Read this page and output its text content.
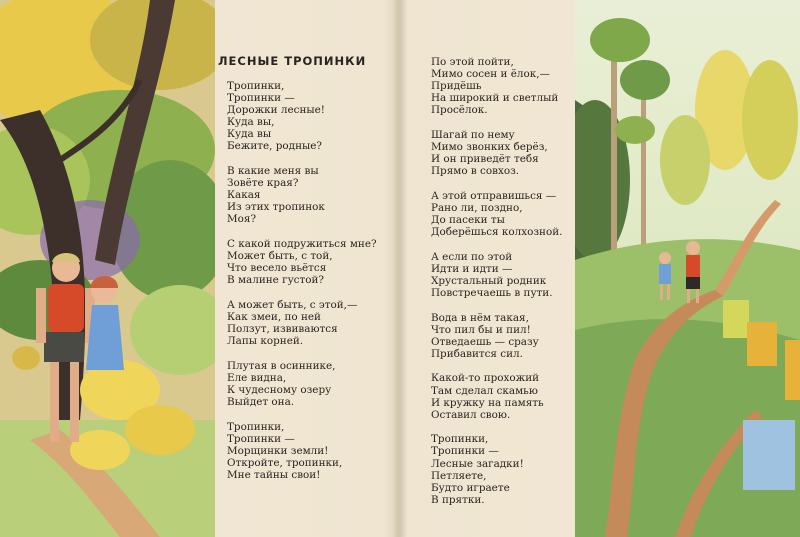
ЛЕСНЫЕ ТРОПИНКИ
Тропинки,
Тропинки —
Дорожки лесные!
Куда вы,
Куда вы
Бежите, родные?
В какие меня вы
Зовёте края?
Какая
Из этих тропинок
Моя?
С какой подружиться мне?
Может быть, с той,
Что весело вьётся
В малине густой?
А может быть, с этой,—
Как змеи, по ней
Ползут, извиваются
Лапы корней.
Плутая в осиннике,
Еле видна,
К чудесному озеру
Выйдет она.
Тропинки,
Тропинки —
Морщинки земли!
Откройте, тропинки,
Мне тайны свои!
По этой пойти,
Мимо сосен и ёлок,—
Придёшь
На широкий и светлый
Просёлок.
Шагай по нему
Мимо звонких берёз,
И он приведёт тебя
Прямо в совхоз.
А этой отправишься —
Рано ли, поздно,
До пасеки ты
Доберёшься колхозной.
А если по этой
Идти и идти —
Хрустальный родник
Повстречаешь в пути.
Вода в нём такая,
Что пил бы и пил!
Отведаешь — сразу
Прибавится сил.
Какой-то прохожий
Там сделал скамью
И кружку на память
Оставил свою.
Тропинки,
Тропинки —
Лесные загадки!
Петляете,
Будто играете
В прятки.
